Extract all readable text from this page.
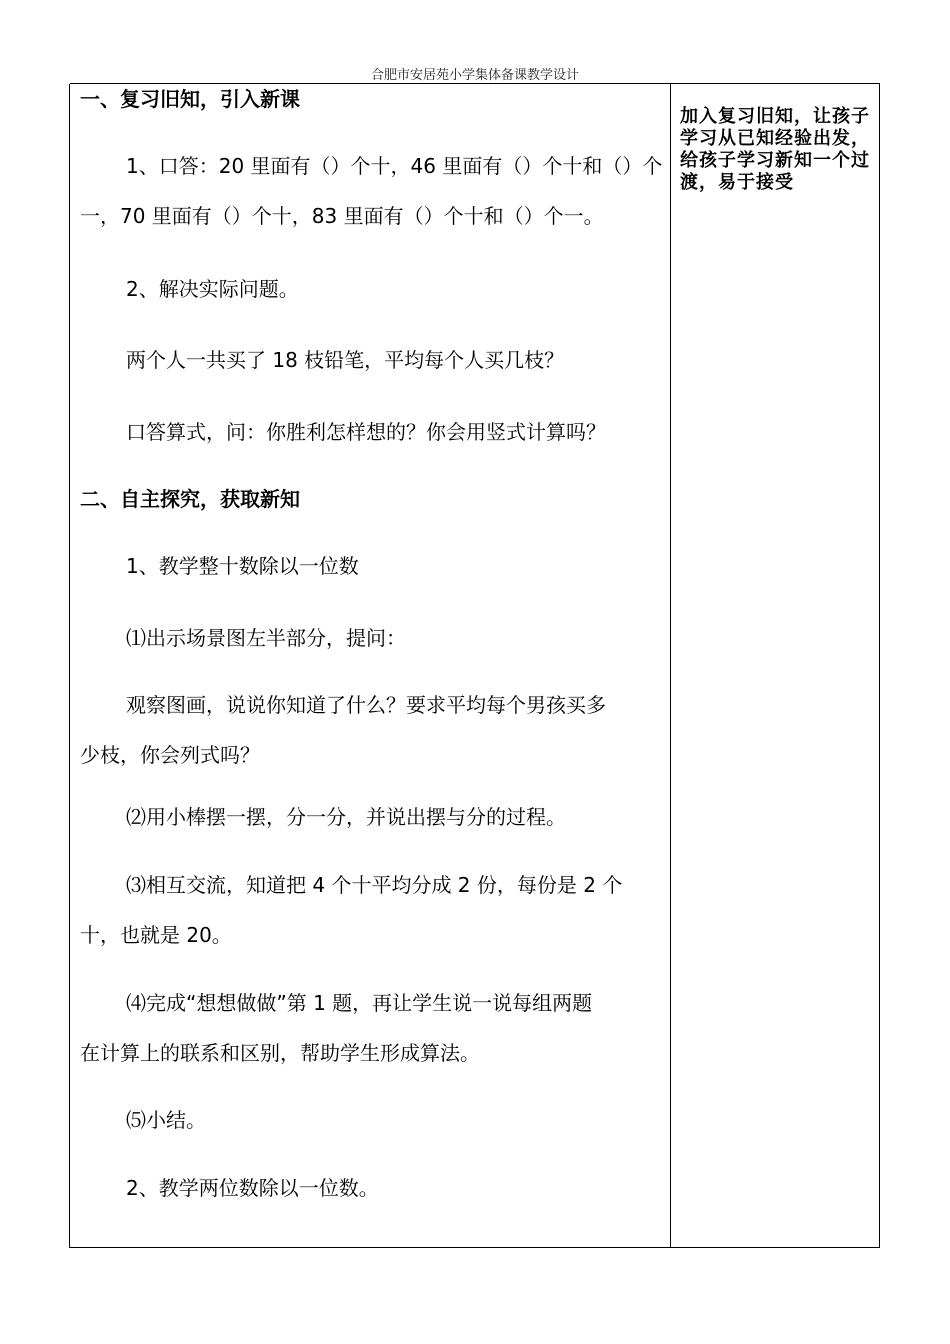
合肥市安居苑小学集体备课教学设计
一、复习旧知，引入新课
1、口答：20 里面有（）个十，46 里面有（）个十和（）个
一，70 里面有（）个十，83 里面有（）个十和（）个一。
2、解决实际问题。
两个人一共买了 18 枝铅笔，平均每个人买几枝？
口答算式，问：你胜利怎样想的？你会用竖式计算吗？
二、自主探究，获取新知
1、教学整十数除以一位数
⑴出示场景图左半部分，提问：
观察图画，说说你知道了什么？要求平均每个男孩买多
少枝，你会列式吗？
⑵用小棒摆一摆，分一分，并说出摆与分的过程。
⑶相互交流，知道把 4 个十平均分成 2 份，每份是 2 个
十，也就是 20。
⑷完成“想想做做”第 1 题，再让学生说一说每组两题
在计算上的联系和区别，帮助学生形成算法。
⑸小结。
2、教学两位数除以一位数。
加入复习旧知，让孩子学习从已知经验出发，给孩子学习新知一个过渡，易于接受
